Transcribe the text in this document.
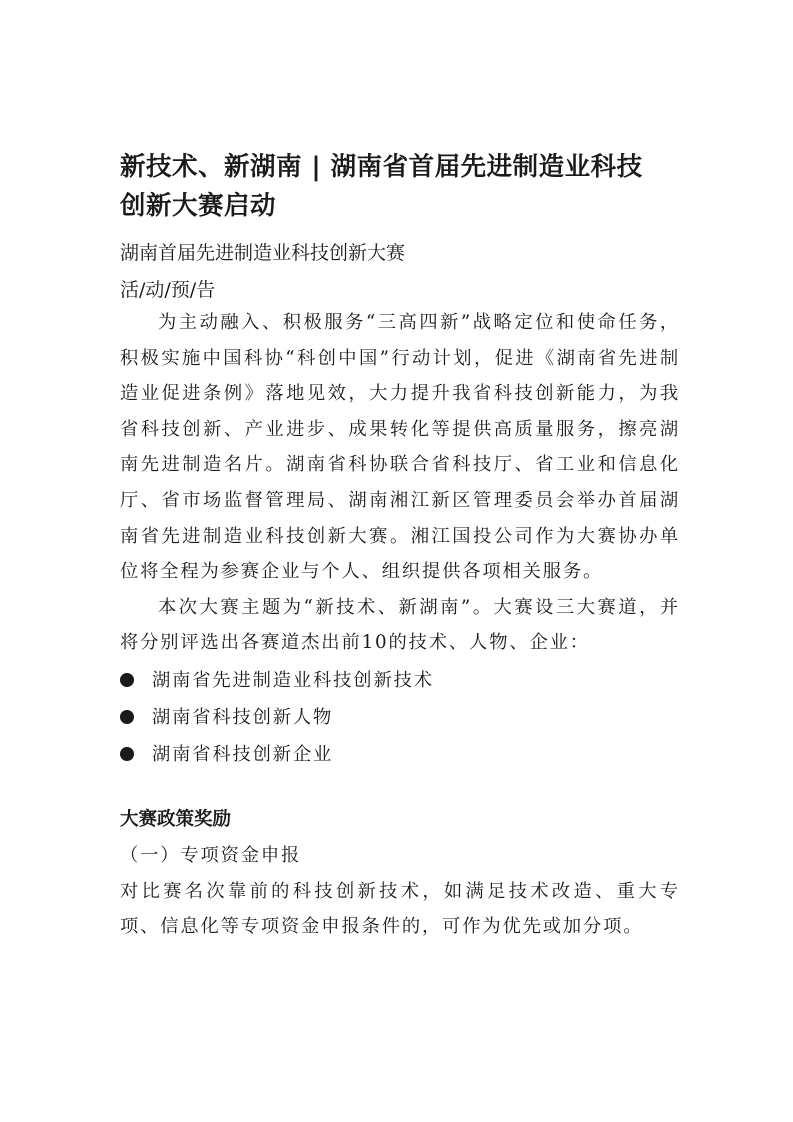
新技术、新湖南 | 湖南省首届先进制造业科技
创新大赛启动

湖南首届先进制造业科技创新大赛

活/动/预/告

为主动融入、积极服务“三高四新”战略定位和使命任务，积极实施中国科协“科创中国”行动计划，促进《湖南省先进制造业促进条例》落地见效，大力提升我省科技创新能力，为我省科技创新、产业进步、成果转化等提供高质量服务，擦亮湖南先进制造名片。湖南省科协联合省科技厅、省工业和信息化厅、省市场监督管理局、湖南湘江新区管理委员会举办首届湖南省先进制造业科技创新大赛。湘江国投公司作为大赛协办单位将全程为参赛企业与个人、组织提供各项相关服务。

本次大赛主题为“新技术、新湖南”。大赛设三大赛道，并将分别评选出各赛道杰出前10的技术、人物、企业：

湖南省先进制造业科技创新技术
湖南省科技创新人物
湖南省科技创新企业
大赛政策奖励

（一）专项资金申报

对比赛名次靠前的科技创新技术，如满足技术改造、重大专项、信息化等专项资金申报条件的，可作为优先或加分项。
